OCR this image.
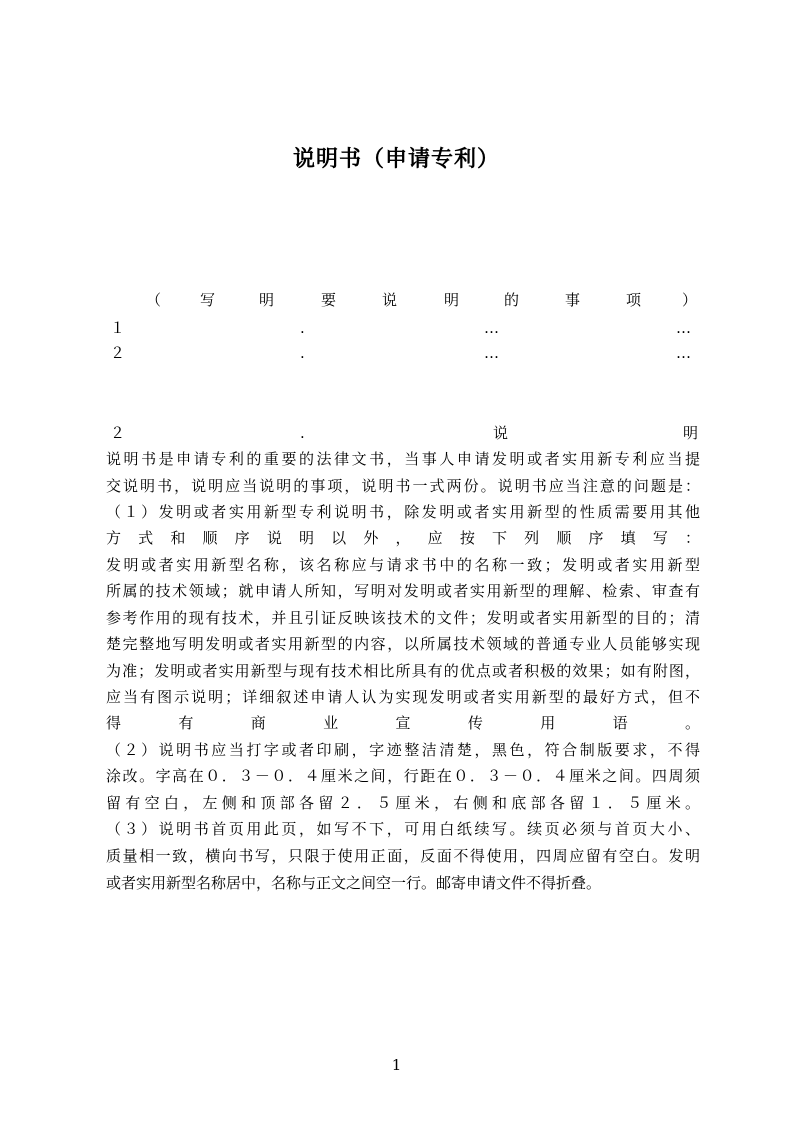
说明书（申请专利）
（	写	明	要	说	明	的	事	项	）
１	.	…	…
２	.	…	…
２	.	说	明
说明书是申请专利的重要的法律文书，当事人申请发明或者实用新专利应当提
交说明书，说明应当说明的事项，说明书一式两份。说明书应当注意的问题是：
（１）发明或者实用新型专利说明书，除发明或者实用新型的性质需要用其他
方式和顺序说明以外，应按下列顺序填写：
发明或者实用新型名称，该名称应与请求书中的名称一致；发明或者实用新型
所属的技术领域；就申请人所知，写明对发明或者实用新型的理解、检索、审查有
参考作用的现有技术，并且引证反映该技术的文件；发明或者实用新型的目的；清
楚完整地写明发明或者实用新型的内容，以所属技术领域的普通专业人员能够实现
为准；发明或者实用新型与现有技术相比所具有的优点或者积极的效果；如有附图，
应当有图示说明；详细叙述申请人认为实现发明或者实用新型的最好方式，但不
得有商业宣传用语。
（２）说明书应当打字或者印刷，字迹整洁清楚，黑色，符合制版要求，不得
涂改。字高在０．３－０．４厘米之间，行距在０．３－０．４厘米之间。四周须
留有空白，左侧和顶部各留２．５厘米，右侧和底部各留１．５厘米。
（３）说明书首页用此页，如写不下，可用白纸续写。续页必须与首页大小、
质量相一致，横向书写，只限于使用正面，反面不得使用，四周应留有空白。发明
或者实用新型名称居中，名称与正文之间空一行。邮寄申请文件不得折叠。
1
